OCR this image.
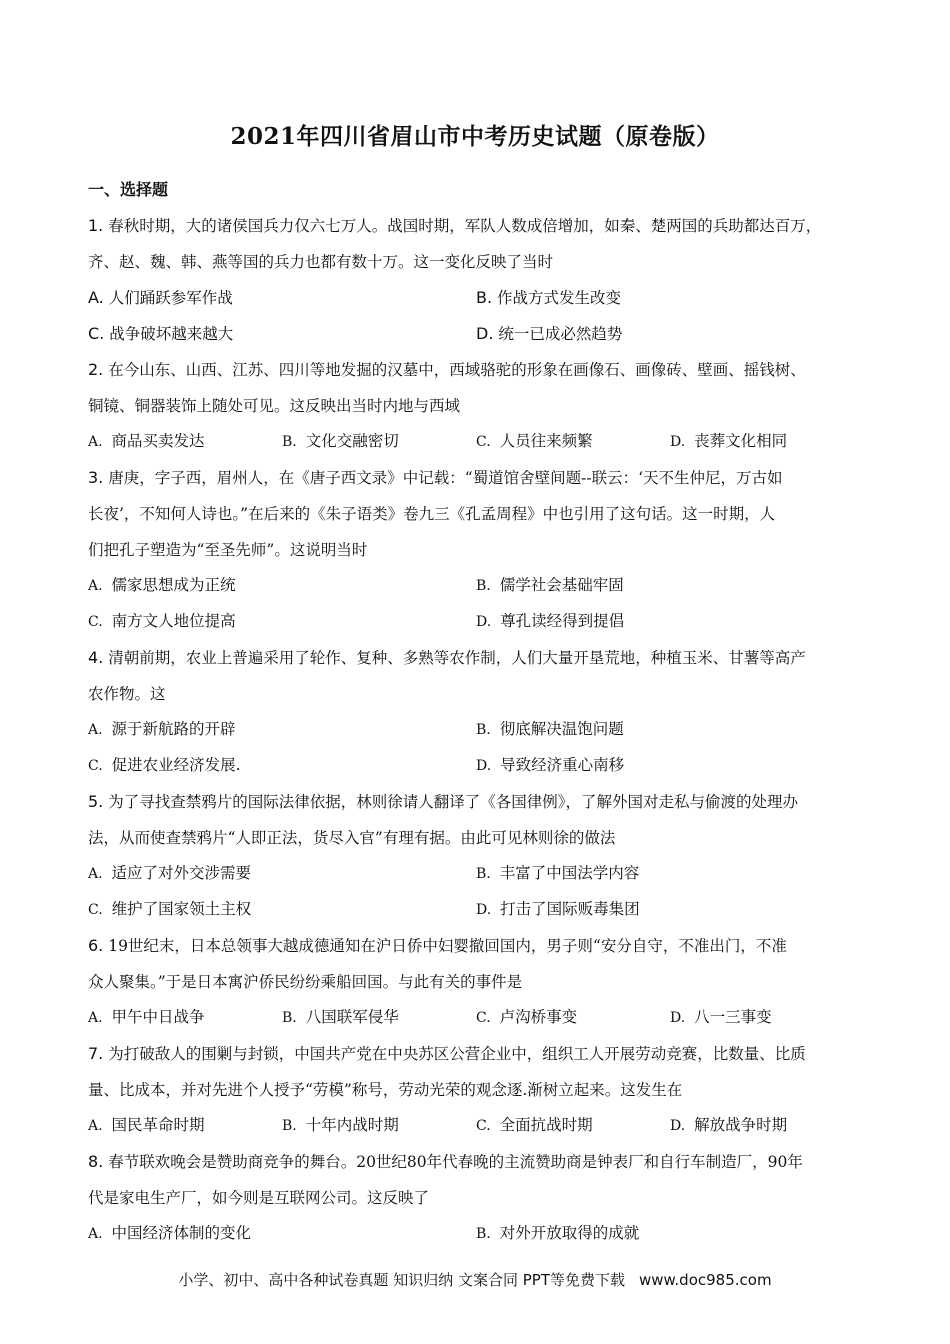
2021年四川省眉山市中考历史试题（原卷版）
一、选择题

1. 春秋时期，大的诸侯国兵力仅六七万人。战国时期，军队人数成倍增加，如秦、楚两国的兵助都达百万，

齐、赵、魏、韩、燕等国的兵力也都有数十万。这一变化反映了当时

A. 人们踊跃参军作战	B. 作战方式发生改变
C. 战争破坏越来越大	D. 统一已成必然趋势

2. 在今山东、山西、江苏、四川等地发掘的汉墓中，西域骆驼的形象在画像石、画像砖、壁画、摇钱树、

铜镜、铜器装饰上随处可见。这反映出当时内地与西域

A. 商品买卖发达	B. 文化交融密切	C. 人员往来频繁	D. 丧葬文化相同

3. 唐庚，字子西，眉州人，在《唐子西文录》中记载：“蜀道馆舍壁间题--联云：‘天不生仲尼，万古如

长夜’，不知何人诗也。”在后来的《朱子语类》卷九三《孔孟周程》中也引用了这句话。这一时期，人

们把孔子塑造为“至圣先师”。这说明当时

A. 儒家思想成为正统	B. 儒学社会基础牢固
C. 南方文人地位提高	D. 尊孔读经得到提倡

4. 清朝前期，农业上普遍采用了轮作、复种、多熟等农作制，人们大量开垦荒地，种植玉米、甘薯等高产

农作物。这

A. 源于新航路的开辟	B. 彻底解决温饱问题
C. 促进农业经济发展.	D. 导致经济重心南移

5. 为了寻找查禁鸦片的国际法律依据，林则徐请人翻译了《各国律例》，了解外国对走私与偷渡的处理办

法，从而使查禁鸦片“人即正法，货尽入官”有理有据。由此可见林则徐的做法

A. 适应了对外交涉需要	B. 丰富了中国法学内容
C. 维护了国家领土主权	D. 打击了国际贩毒集团

6. 19世纪末，日本总领事大越成德通知在沪日侨中妇婴撤回国内，男子则“安分自守，不准出门，不准

众人聚集。”于是日本寓沪侨民纷纷乘船回国。与此有关的事件是

A. 甲午中日战争	B. 八国联军侵华	C. 卢沟桥事变	D. 八一三事变

7. 为打破敌人的围剿与封锁，中国共产党在中央苏区公营企业中，组织工人开展劳动竞赛，比数量、比质

量、比成本，并对先进个人授予“劳模”称号，劳动光荣的观念逐.渐树立起来。这发生在

A. 国民革命时期	B. 十年内战时期	C. 全面抗战时期	D. 解放战争时期

8. 春节联欢晚会是赞助商竞争的舞台。20世纪80年代春晚的主流赞助商是钟表厂和自行车制造厂，90年

代是家电生产厂，如今则是互联网公司。这反映了

A. 中国经济体制的变化	B. 对外开放取得的成就
小学、初中、高中各种试卷真题 知识归纳 文案合同 PPT等免费下载 www.doc985.com
